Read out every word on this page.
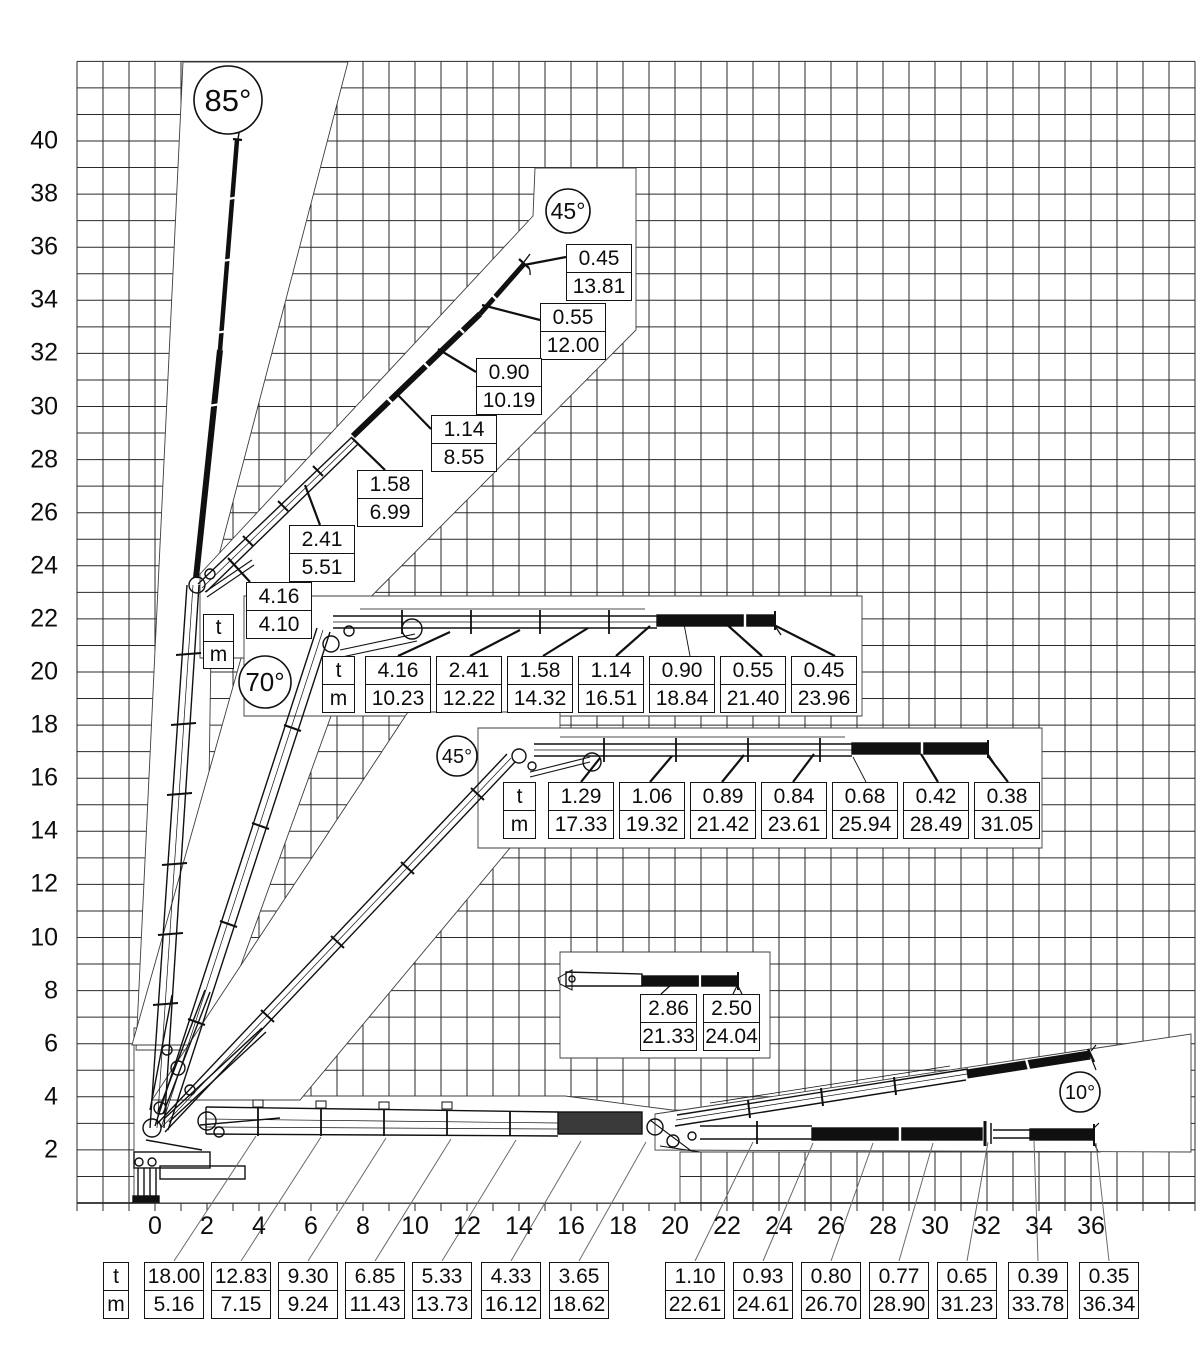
85°
45°
70°
45°
10°
t
m
0.45
13.81
0.55
12.00
0.90
10.19
1.14
8.55
1.58
6.99
2.41
5.51
4.16
4.10
t
m
4.16
10.23
2.41
12.22
1.58
14.32
1.14
16.51
0.90
18.84
0.55
21.40
0.45
23.96
t
m
1.29
17.33
1.06
19.32
0.89
21.42
0.84
23.61
0.68
25.94
0.42
28.49
0.38
31.05
2.86
21.33
2.50
24.04
t
m
18.00
5.16
12.83
7.15
9.30
9.24
6.85
11.43
5.33
13.73
4.33
16.12
3.65
18.62
1.10
22.61
0.93
24.61
0.80
26.70
0.77
28.90
0.65
31.23
0.39
33.78
0.35
36.34
0 2 4 6 8 10 12 14 16 18 20 22 24 26 28 30 32 34 36
40
38
36
34
32
30
28
26
24
22
20
18
16
14
12
10
8
6
4
2
